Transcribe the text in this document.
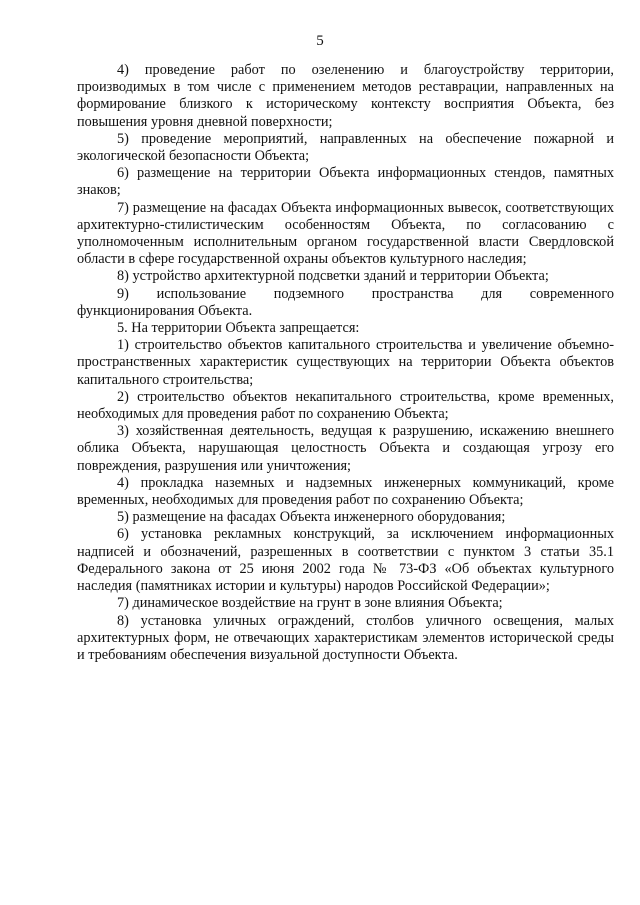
5

4) проведение работ по озеленению и благоустройству территории, производимых в том числе с применением методов реставрации, направленных на формирование близкого к историческому контексту восприятия Объекта, без повышения уровня дневной поверхности;

5) проведение мероприятий, направленных на обеспечение пожарной и экологической безопасности Объекта;

6) размещение на территории Объекта информационных стендов, памятных знаков;

7) размещение на фасадах Объекта информационных вывесок, соответствующих архитектурно-стилистическим особенностям Объекта, по согласованию с уполномоченным исполнительным органом государственной власти Свердловской области в сфере государственной охраны объектов культурного наследия;

8) устройство архитектурной подсветки зданий и территории Объекта;

9) использование подземного пространства для современного функционирования Объекта.

5. На территории Объекта запрещается:

1) строительство объектов капитального строительства и увеличение объемно-пространственных характеристик существующих на территории Объекта объектов капитального строительства;

2) строительство объектов некапитального строительства, кроме временных, необходимых для проведения работ по сохранению Объекта;

3) хозяйственная деятельность, ведущая к разрушению, искажению внешнего облика Объекта, нарушающая целостность Объекта и создающая угрозу его повреждения, разрушения или уничтожения;

4) прокладка наземных и надземных инженерных коммуникаций, кроме временных, необходимых для проведения работ по сохранению Объекта;

5) размещение на фасадах Объекта инженерного оборудования;

6) установка рекламных конструкций, за исключением информационных надписей и обозначений, разрешенных в соответствии с пунктом 3 статьи 35.1 Федерального закона от 25 июня 2002 года № 73-ФЗ «Об объектах культурного наследия (памятниках истории и культуры) народов Российской Федерации»;

7) динамическое воздействие на грунт в зоне влияния Объекта;

8) установка уличных ограждений, столбов уличного освещения, малых архитектурных форм, не отвечающих характеристикам элементов исторической среды и требованиям обеспечения визуальной доступности Объекта.
